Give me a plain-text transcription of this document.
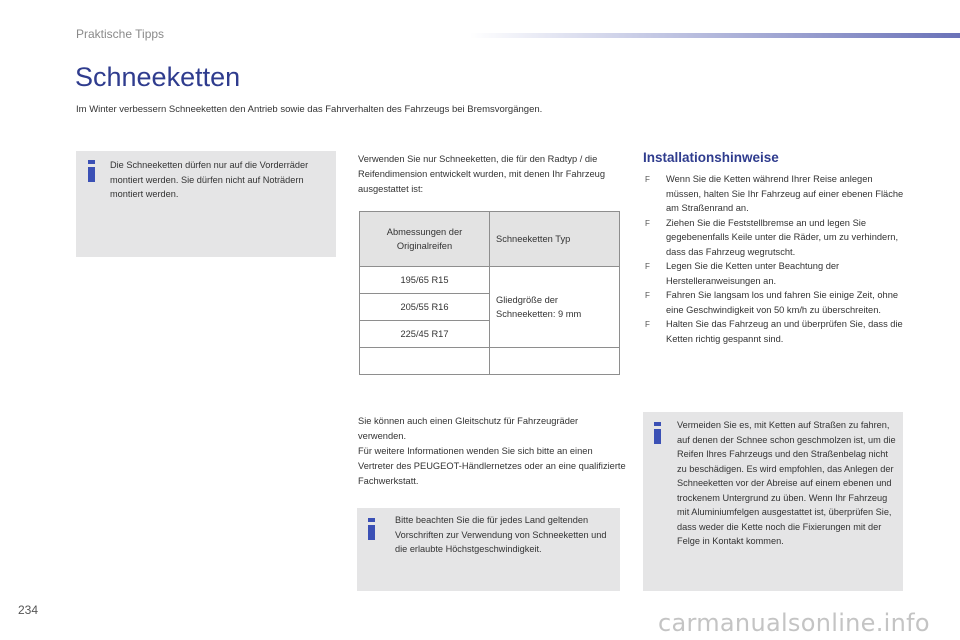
Praktische Tipps
Schneeketten

Im Winter verbessern Schneeketten den Antrieb sowie das Fahrverhalten des Fahrzeugs bei Bremsvorgängen.

Die Schneeketten dürfen nur auf die Vorderräder montiert werden. Sie dürfen nicht auf Noträdern montiert werden.

Verwenden Sie nur Schneeketten, die für den Radtyp / die Reifendimension entwickelt wurden, mit denen Ihr Fahrzeug ausgestattet ist:

Abmessungen der Originalreifen	Schneeketten Typ
195/65 R15	Gliedgröße der Schneeketten: 9 mm
205/55 R16	
225/45 R17	

Sie können auch einen Gleitschutz für Fahrzeugräder verwenden.
Für weitere Informationen wenden Sie sich bitte an einen Vertreter des PEUGEOT-Händlernetzes oder an eine qualifizierte Fachwerkstatt.
Bitte beachten Sie die für jedes Land geltenden Vorschriften zur Verwendung von Schneeketten und die erlaubte Höchstgeschwindigkeit.
Installationshinweise
F Wenn Sie die Ketten während Ihrer Reise anlegen müssen, halten Sie Ihr Fahrzeug auf einer ebenen Fläche am Straßenrand an.
F Ziehen Sie die Feststellbremse an und legen Sie gegebenenfalls Keile unter die Räder, um zu verhindern, dass das Fahrzeug wegrutscht.
F Legen Sie die Ketten unter Beachtung der Herstelleranweisungen an.
F Fahren Sie langsam los und fahren Sie einige Zeit, ohne eine Geschwindigkeit von 50 km/h zu überschreiten.
F Halten Sie das Fahrzeug an und überprüfen Sie, dass die Ketten richtig gespannt sind.
Vermeiden Sie es, mit Ketten auf Straßen zu fahren, auf denen der Schnee schon geschmolzen ist, um die Reifen Ihres Fahrzeugs und den Straßenbelag nicht zu beschädigen. Es wird empfohlen, das Anlegen der Schneeketten vor der Abreise auf einem ebenen und trockenem Untergrund zu üben. Wenn Ihr Fahrzeug mit Aluminiumfelgen ausgestattet ist, überprüfen Sie, dass weder die Kette noch die Fixierungen mit der Felge in Kontakt kommen.
234	carmanualsonline.info
